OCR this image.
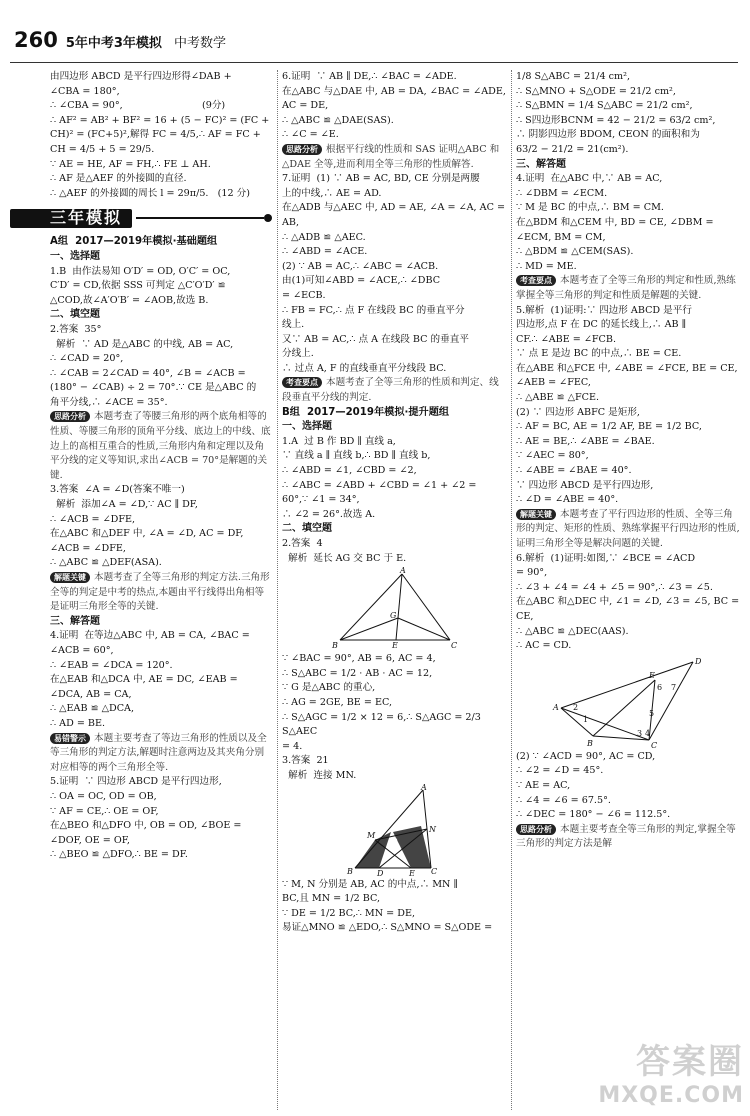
260 5年中考3年模拟 中考数学

由四边形 ABCD 是平行四边形得∠DAB +

∠CBA = 180°,

∴ ∠CBA = 90°,                          (9分)

∴ AF² = AB² + BF² = 16 + (5 − FC)² = (FC +

CH)² = (FC+5)²,解得 FC = 4/5,∴ AF = FC +

CH = 4/5 + 5 = 29/5.

∵ AE = HE, AF = FH,∴ FE ⊥ AH.

∴ AF 是△AEF 的外接圆的直径.

∴ △AEF 的外接圆的周长 l = 29π/5.   (12 分)

三年模拟

A组  2017—2019年模拟·基础题组

一、选择题

1.B  由作法易知 O′D′ = OD, O′C′ = OC,

C′D′ = CD,依据 SSS 可判定 △C′O′D′ ≌

△COD,故∠A′O′B′ = ∠AOB,故选 B.

二、填空题

2.答案  35°

解析  ∵ AD 是△ABC 的中线, AB = AC,

∴ ∠CAD = 20°,

∴ ∠CAB = 2∠CAD = 40°, ∠B = ∠ACB =

(180° − ∠CAB) ÷ 2 = 70°.∵ CE 是△ABC 的

角平分线,∴ ∠ACE = 35°.

思路分析 本题考查了等腰三角形的两个底角相等的性质、等腰三角形的顶角平分线、底边上的中线、底边上的高相互重合的性质,三角形内角和定理以及角平分线的定义等知识,求出∠ACB = 70°是解题的关键.

3.答案  ∠A = ∠D(答案不唯一)

解析  添加∠A = ∠D,∵ AC ∥ DF,

∴ ∠ACB = ∠DFE,

在△ABC 和△DEF 中, ∠A = ∠D, AC = DF, ∠ACB = ∠DFE,

∴ △ABC ≌ △DEF(ASA).

解题关键 本题考查了全等三角形的判定方法.三角形全等的判定是中考的热点,本题由平行线得出角相等是证明三角形全等的关键.

三、解答题

4.证明  在等边△ABC 中, AB = CA, ∠BAC =

∠ACB = 60°,

∴ ∠EAB = ∠DCA = 120°.

在△EAB 和△DCA 中, AE = DC, ∠EAB = ∠DCA, AB = CA,

∴ △EAB ≌ △DCA,

∴ AD = BE.

易错警示 本题主要考查了等边三角形的性质以及全等三角形的判定方法,解题时注意两边及其夹角分别对应相等的两个三角形全等.

5.证明  ∵ 四边形 ABCD 是平行四边形,

∴ OA = OC, OD = OB,

∵ AF = CE,∴ OE = OF,

在△BEO 和△DFO 中, OB = OD, ∠BOE = ∠DOF, OE = OF,

∴ △BEO ≌ △DFO,∴ BE = DF.

6.证明  ∵ AB ∥ DE,∴ ∠BAC = ∠ADE.

在△ABC 与△DAE 中, AB = DA, ∠BAC = ∠ADE, AC = DE,

∴ △ABC ≌ △DAE(SAS).

∴ ∠C = ∠E.

思路分析 根据平行线的性质和 SAS 证明△ABC 和△DAE 全等,进而利用全等三角形的性质解答.

7.证明  (1) ∵ AB = AC, BD, CE 分别是两腰

上的中线,∴ AE = AD.

在△ADB 与△AEC 中, AD = AE, ∠A = ∠A, AC = AB,

∴ △ADB ≌ △AEC.

∴ ∠ABD = ∠ACE.

(2) ∵ AB = AC,∴ ∠ABC = ∠ACB.

由(1)可知∠ABD = ∠ACE,∴ ∠DBC

= ∠ECB.

∴ FB = FC,∴ 点 F 在线段 BC 的垂直平分

线上.

又∵ AB = AC,∴ 点 A 在线段 BC 的垂直平

分线上.

∴ 过点 A, F 的直线垂直平分线段 BC.

考查要点 本题考查了全等三角形的性质和判定、线段垂直平分线的判定.

B组  2017—2019年模拟·提升题组

一、选择题

1.A  过 B 作 BD ∥ 直线 a,

∵ 直线 a ∥ 直线 b,∴ BD ∥ 直线 b,

∴ ∠ABD = ∠1, ∠CBD = ∠2,

∴ ∠ABC = ∠ABD + ∠CBD = ∠1 + ∠2 =

60°,∵ ∠1 = 34°,

∴ ∠2 = 26°.故选 A.

二、填空题

2.答案  4

解析  延长 AG 交 BC 于 E.

A
B	C
E
G

∵ ∠BAC = 90°, AB = 6, AC = 4,

∴ S△ABC = 1/2 · AB · AC = 12,

∵ G 是△ABC 的重心,

∴ AG = 2GE, BE = EC,

∴ S△AGC = 1/2 × 12 = 6,∴ S△AGC = 2/3 S△AEC

= 4.

3.答案  21

解析  连接 MN.

A
B	C
M
N
O
D	E

∵ M, N 分别是 AB, AC 的中点,∴ MN ∥

BC,且 MN = 1/2 BC,

∵ DE = 1/2 BC,∴ MN = DE,

易证△MNO ≌ △EDO,∴ S△MNO = S△ODE =

1/8 S△ABC = 21/4 cm²,

∴ S△MNO + S△ODE = 21/2 cm²,

∴ S△BMN = 1/4 S△ABC = 21/2 cm²,

∴ S四边形BCNM = 42 − 21/2 = 63/2 cm²,

∴ 阴影四边形 BDOM, CEON 的面积和为

63/2 − 21/2 = 21(cm²).

三、解答题

4.证明  在△ABC 中,∵ AB = AC,

∴ ∠DBM = ∠ECM.

∵ M 是 BC 的中点,∴ BM = CM.

在△BDM 和△CEM 中, BD = CE, ∠DBM = ∠ECM, BM = CM,

∴ △BDM ≌ △CEM(SAS).

∴ MD = ME.

考查要点 本题考查了全等三角形的判定和性质,熟练掌握全等三角形的判定和性质是解题的关键.

5.解析  (1)证明:∵ 四边形 ABCD 是平行

四边形,点 F 在 DC 的延长线上,∴ AB ∥

CF.∴ ∠ABE = ∠FCB.

∵ 点 E 是边 BC 的中点,∴ BE = CE.

在△ABE 和△FCE 中, ∠ABE = ∠FCE, BE = CE, ∠AEB = ∠FEC,

∴ △ABE ≌ △FCE.

(2) ∵ 四边形 ABFC 是矩形,

∴ AF = BC, AE = 1/2 AF, BE = 1/2 BC,

∴ AE = BE,∴ ∠ABE = ∠BAE.

∵ ∠AEC = 80°,

∴ ∠ABE = ∠BAE = 40°.

∵ 四边形 ABCD 是平行四边形,

∴ ∠D = ∠ABE = 40°.

解题关键 本题考查了平行四边形的性质、全等三角形的判定、矩形的性质、熟练掌握平行四边形的性质,证明三角形全等是解决问题的关键.

6.解析  (1)证明:如图,∵ ∠BCE = ∠ACD

= 90°,

∴ ∠3 + ∠4 = ∠4 + ∠5 = 90°,∴ ∠3 = ∠5.

在△ABC 和△DEC 中, ∠1 = ∠D, ∠3 = ∠5, BC = CE,

∴ △ABC ≌ △DEC(AAS).

∴ AC = CD.

A
D
C
B
E
2
1
6 7
5
3 4

(2) ∵ ∠ACD = 90°, AC = CD,

∴ ∠2 = ∠D = 45°.

∵ AE = AC,

∴ ∠4 = ∠6 = 67.5°.

∴ ∠DEC = 180° − ∠6 = 112.5°.

思路分析 本题主要考查全等三角形的判定,掌握全等三角形的判定方法是解

答案圈
MXQE.COM
